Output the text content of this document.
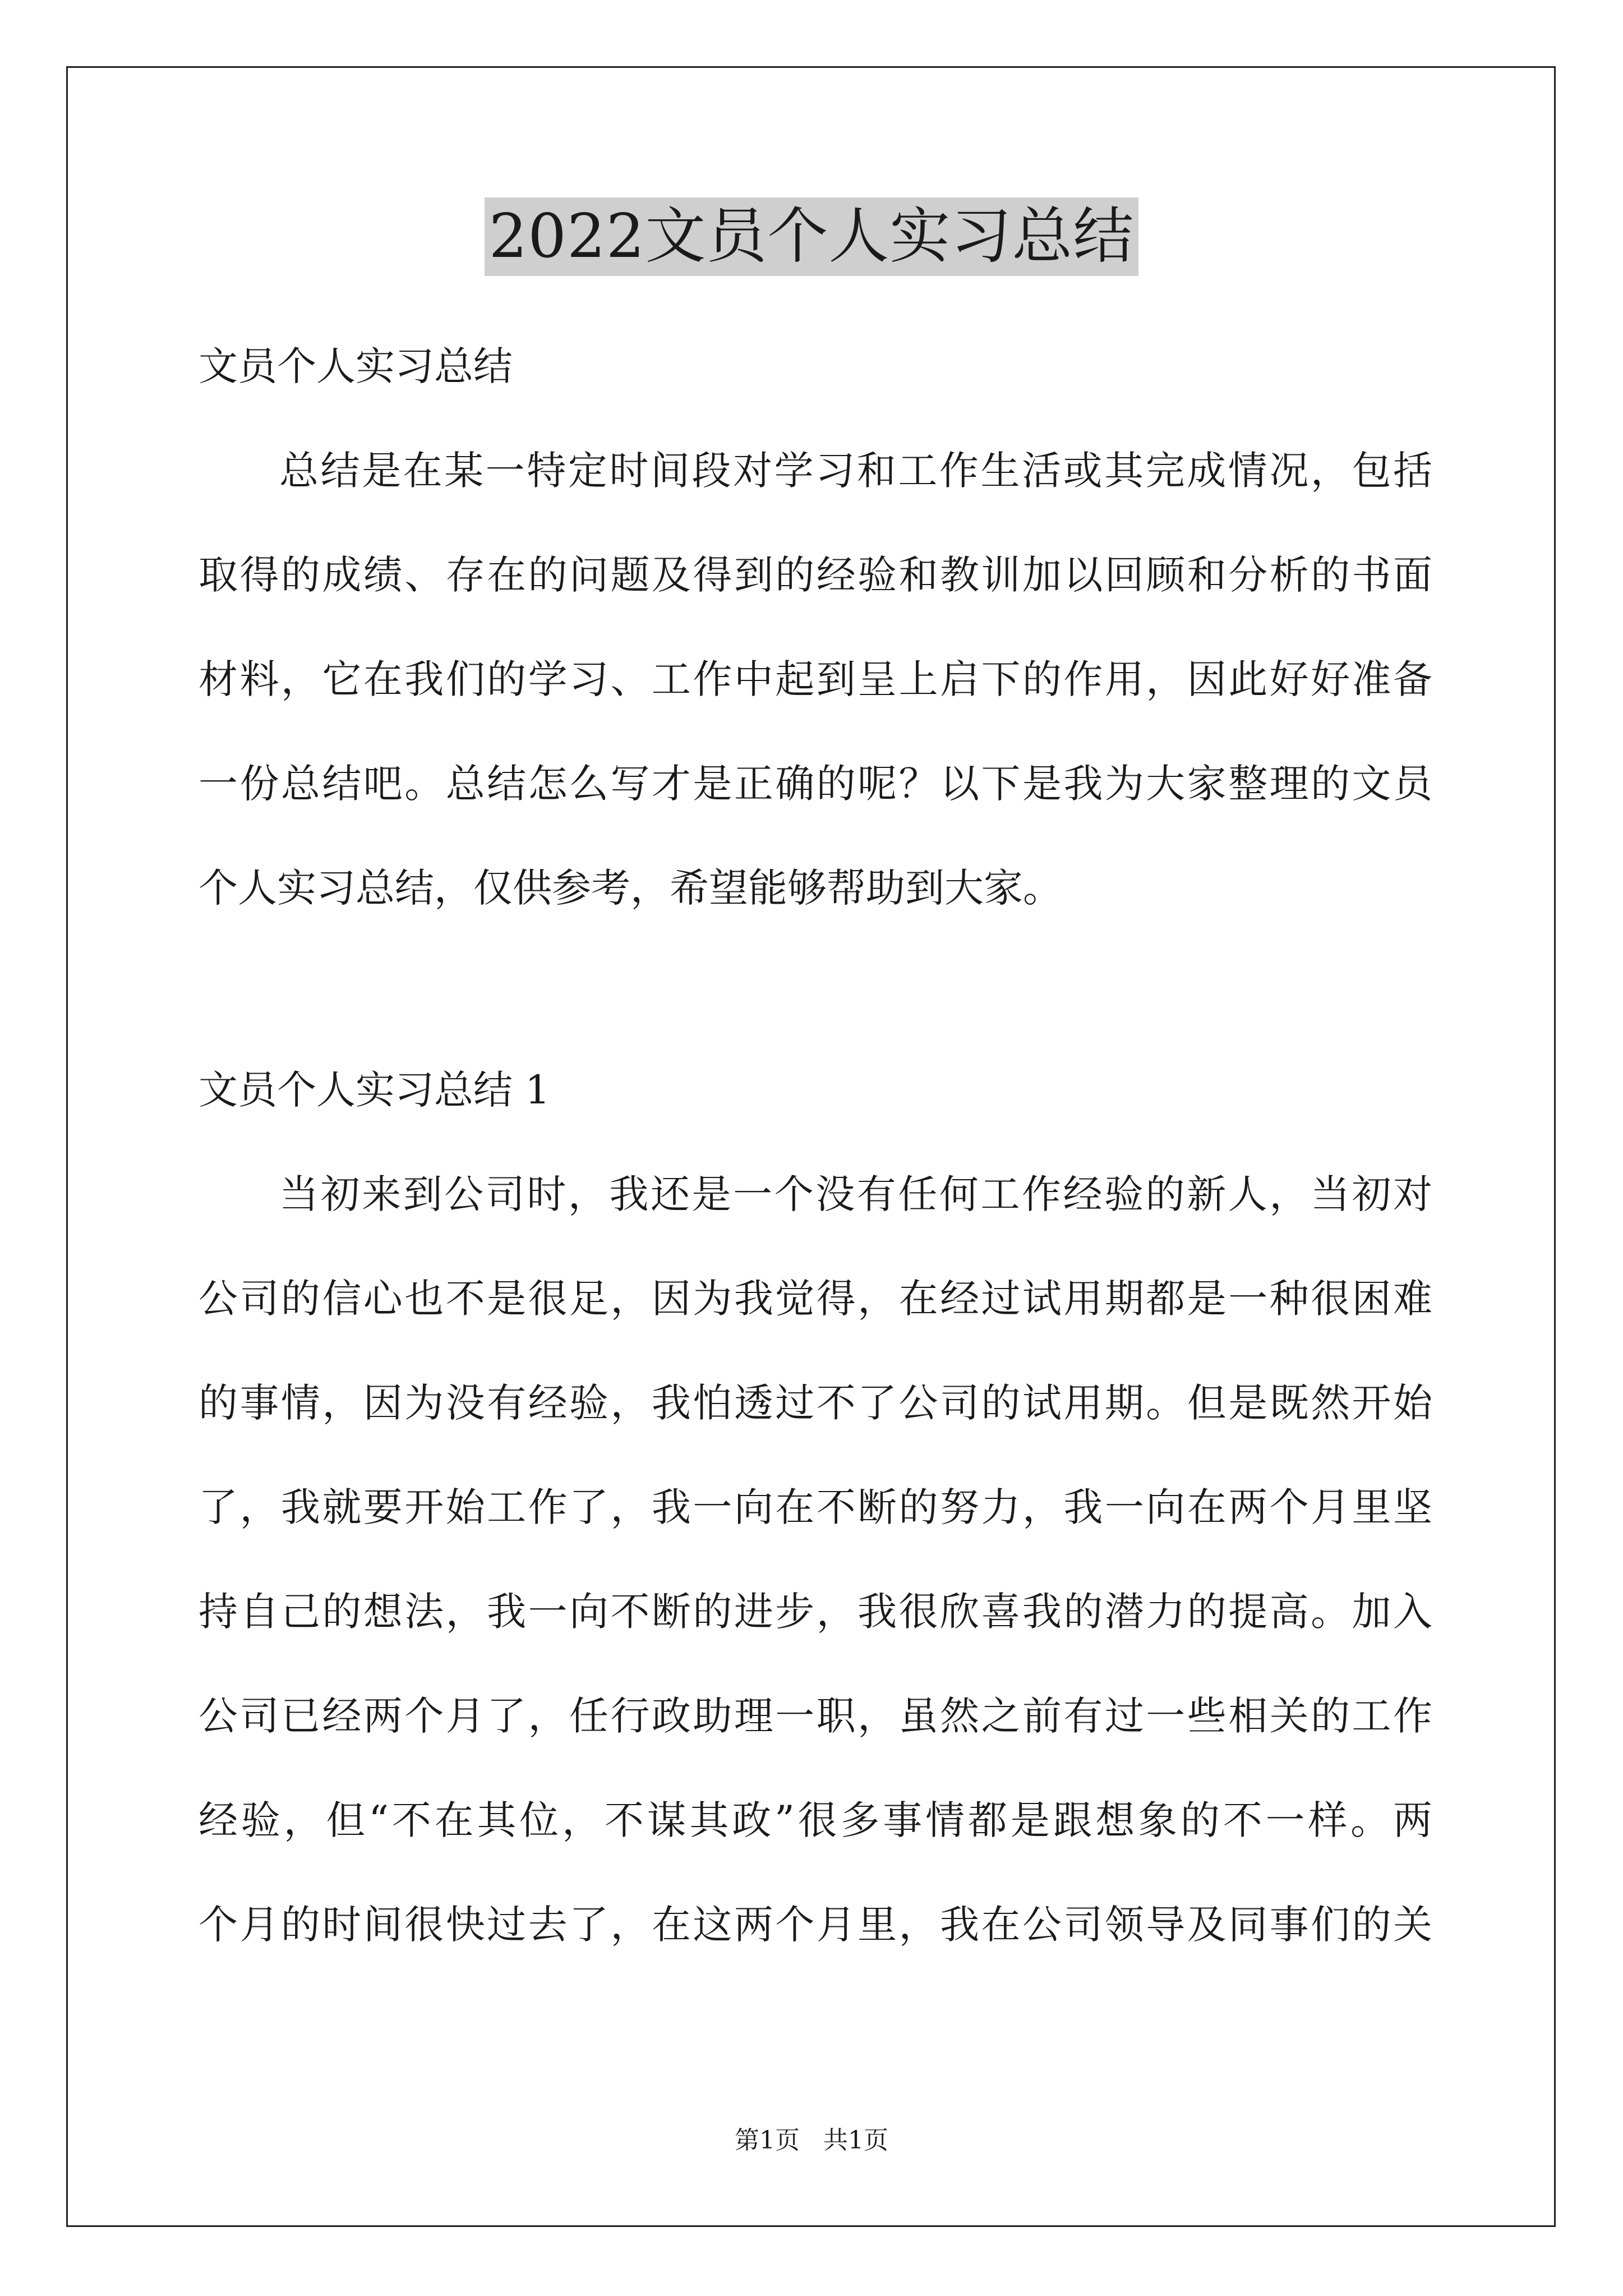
2022文员个人实习总结

文员个人实习总结

总结是在某一特定时间段对学习和工作生活或其完成情况，包括
取得的成绩、存在的问题及得到的经验和教训加以回顾和分析的书面
材料，它在我们的学习、工作中起到呈上启下的作用，因此好好准备
一份总结吧。总结怎么写才是正确的呢？以下是我为大家整理的文员
个人实习总结，仅供参考，希望能够帮助到大家。

文员个人实习总结 1

当初来到公司时，我还是一个没有任何工作经验的新人，当初对
公司的信心也不是很足，因为我觉得，在经过试用期都是一种很困难
的事情，因为没有经验，我怕透过不了公司的试用期。但是既然开始
了，我就要开始工作了，我一向在不断的努力，我一向在两个月里坚
持自己的想法，我一向不断的进步，我很欣喜我的潜力的提高。加入
公司已经两个月了，任行政助理一职，虽然之前有过一些相关的工作
经验，但“不在其位，不谋其政”很多事情都是跟想象的不一样。两
个月的时间很快过去了，在这两个月里，我在公司领导及同事们的关
第1页   共1页
